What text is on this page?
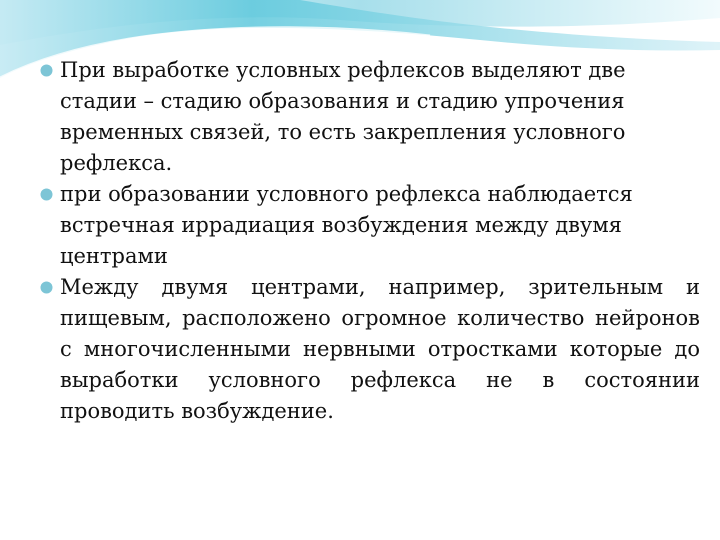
При выработке условных рефлексов выделяют две стадии – стадию образования и стадию упрочения временных связей, то есть закрепления условного рефлекса.
при образовании условного рефлекса наблюдается встречная иррадиация возбуждения между двумя центрами
Между двумя центрами, например, зрительным и пищевым, расположено огромное количество нейронов с многочисленными нервными отростками которые до выработки условного рефлекса не в состоянии проводить возбуждение.
